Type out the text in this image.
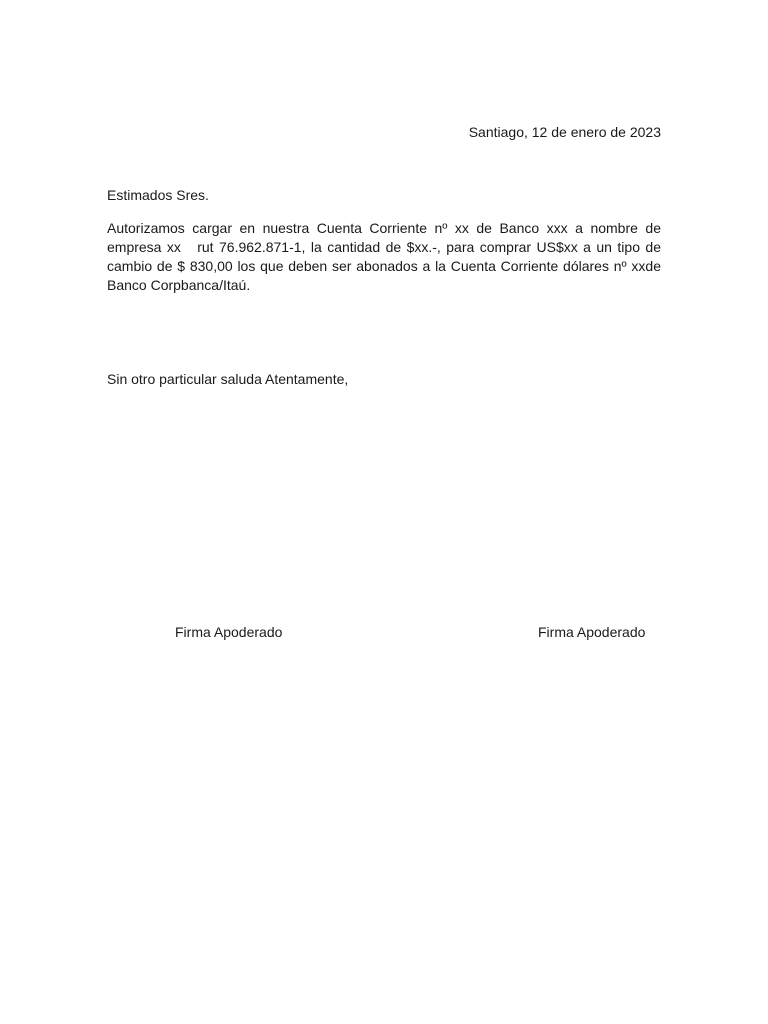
Santiago, 12 de enero de 2023
Estimados Sres.
Autorizamos cargar en nuestra Cuenta Corriente nº xx de Banco xxx a nombre de empresa xx   rut 76.962.871-1, la cantidad de $xx.-, para comprar US$xx a un tipo de cambio de $ 830,00 los que deben ser abonados a la Cuenta Corriente dólares nº xxde Banco Corpbanca/Itaú.
Sin otro particular saluda Atentamente,
Firma Apoderado	Firma Apoderado
